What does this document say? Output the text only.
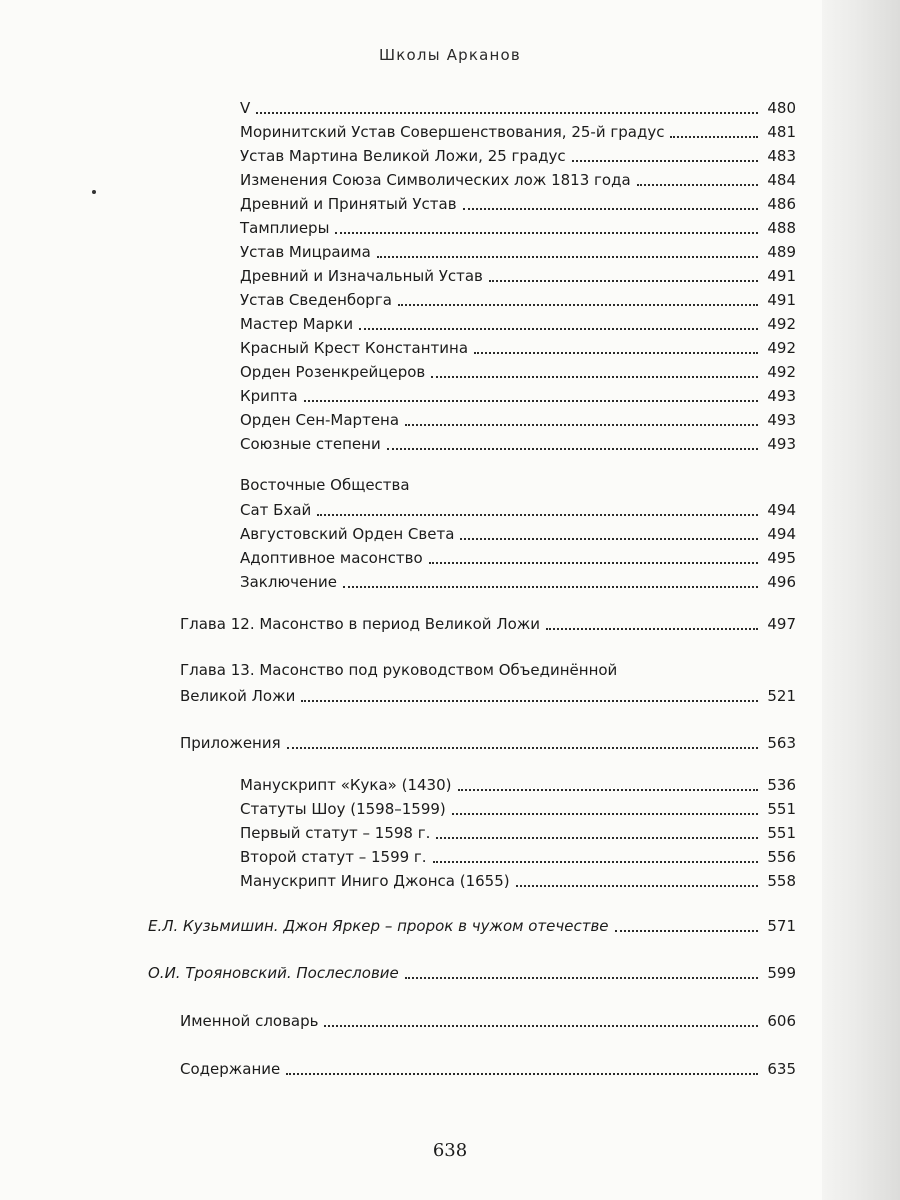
Школы Арканов
V	480
Моринитский Устав Совершенствования, 25-й градус	481
Устав Мартина Великой Ложи, 25 градус	483
Изменения Союза Символических лож 1813 года	484
Древний и Принятый Устав	486
Тамплиеры	488
Устав Мицраима	489
Древний и Изначальный Устав	491
Устав Сведенборга	491
Мастер Марки	492
Красный Крест Константина	492
Орден Розенкрейцеров	492
Крипта	493
Орден Сен-Мартена	493
Союзные степени	493
Восточные Общества
Сат Бхай	494
Августовский Орден Света	494
Адоптивное масонство	495
Заключение	496
Глава 12. Масонство в период Великой Ложи	497
Глава 13. Масонство под руководством Объединённой
Великой Ложи	521
Приложения	563
Манускрипт «Кука» (1430)	536
Статуты Шоу (1598–1599)	551
Первый статут – 1598 г.	551
Второй статут – 1599 г.	556
Манускрипт Иниго Джонса (1655)	558
Е.Л. Кузьмишин. Джон Яркер – пророк в чужом отечестве	571
О.И. Трояновский. Послесловие	599
Именной словарь	606
Содержание	635
638
